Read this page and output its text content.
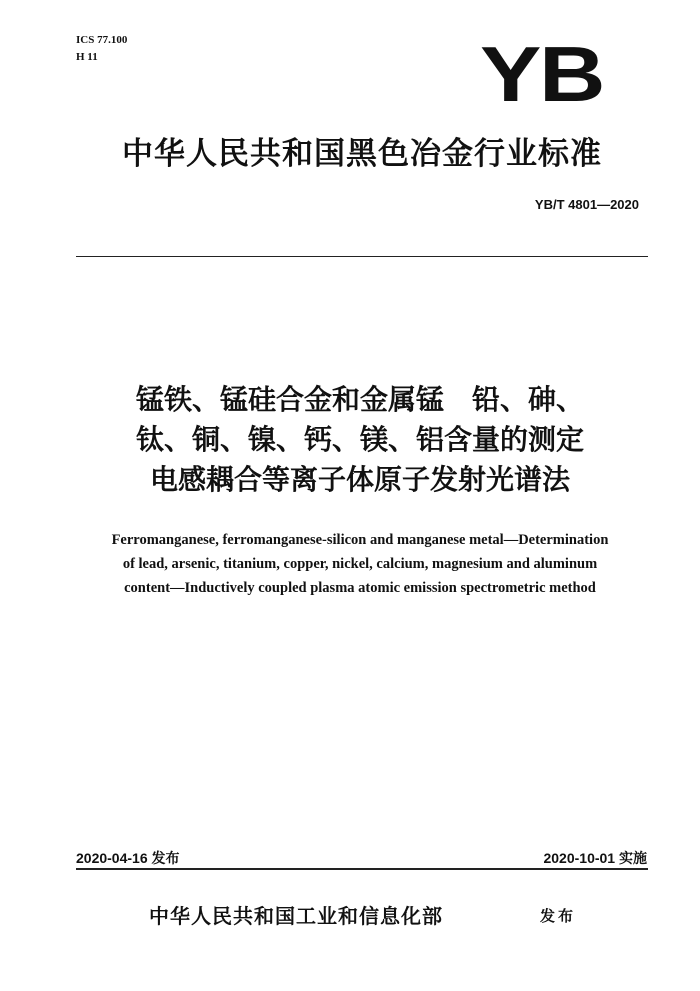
ICS 77.100
H 11	YB
中华人民共和国黑色冶金行业标准
YB/T 4801—2020
锰铁、锰硅合金和金属锰　铅、砷、
钛、铜、镍、钙、镁、铝含量的测定
电感耦合等离子体原子发射光谱法
Ferromanganese, ferromanganese-silicon and manganese metal—Determination
of lead, arsenic, titanium, copper, nickel, calcium, magnesium and aluminum
content—Inductively coupled plasma atomic emission spectrometric method
2020-04-16 发布	2020-10-01 实施
中华人民共和国工业和信息化部	发布
